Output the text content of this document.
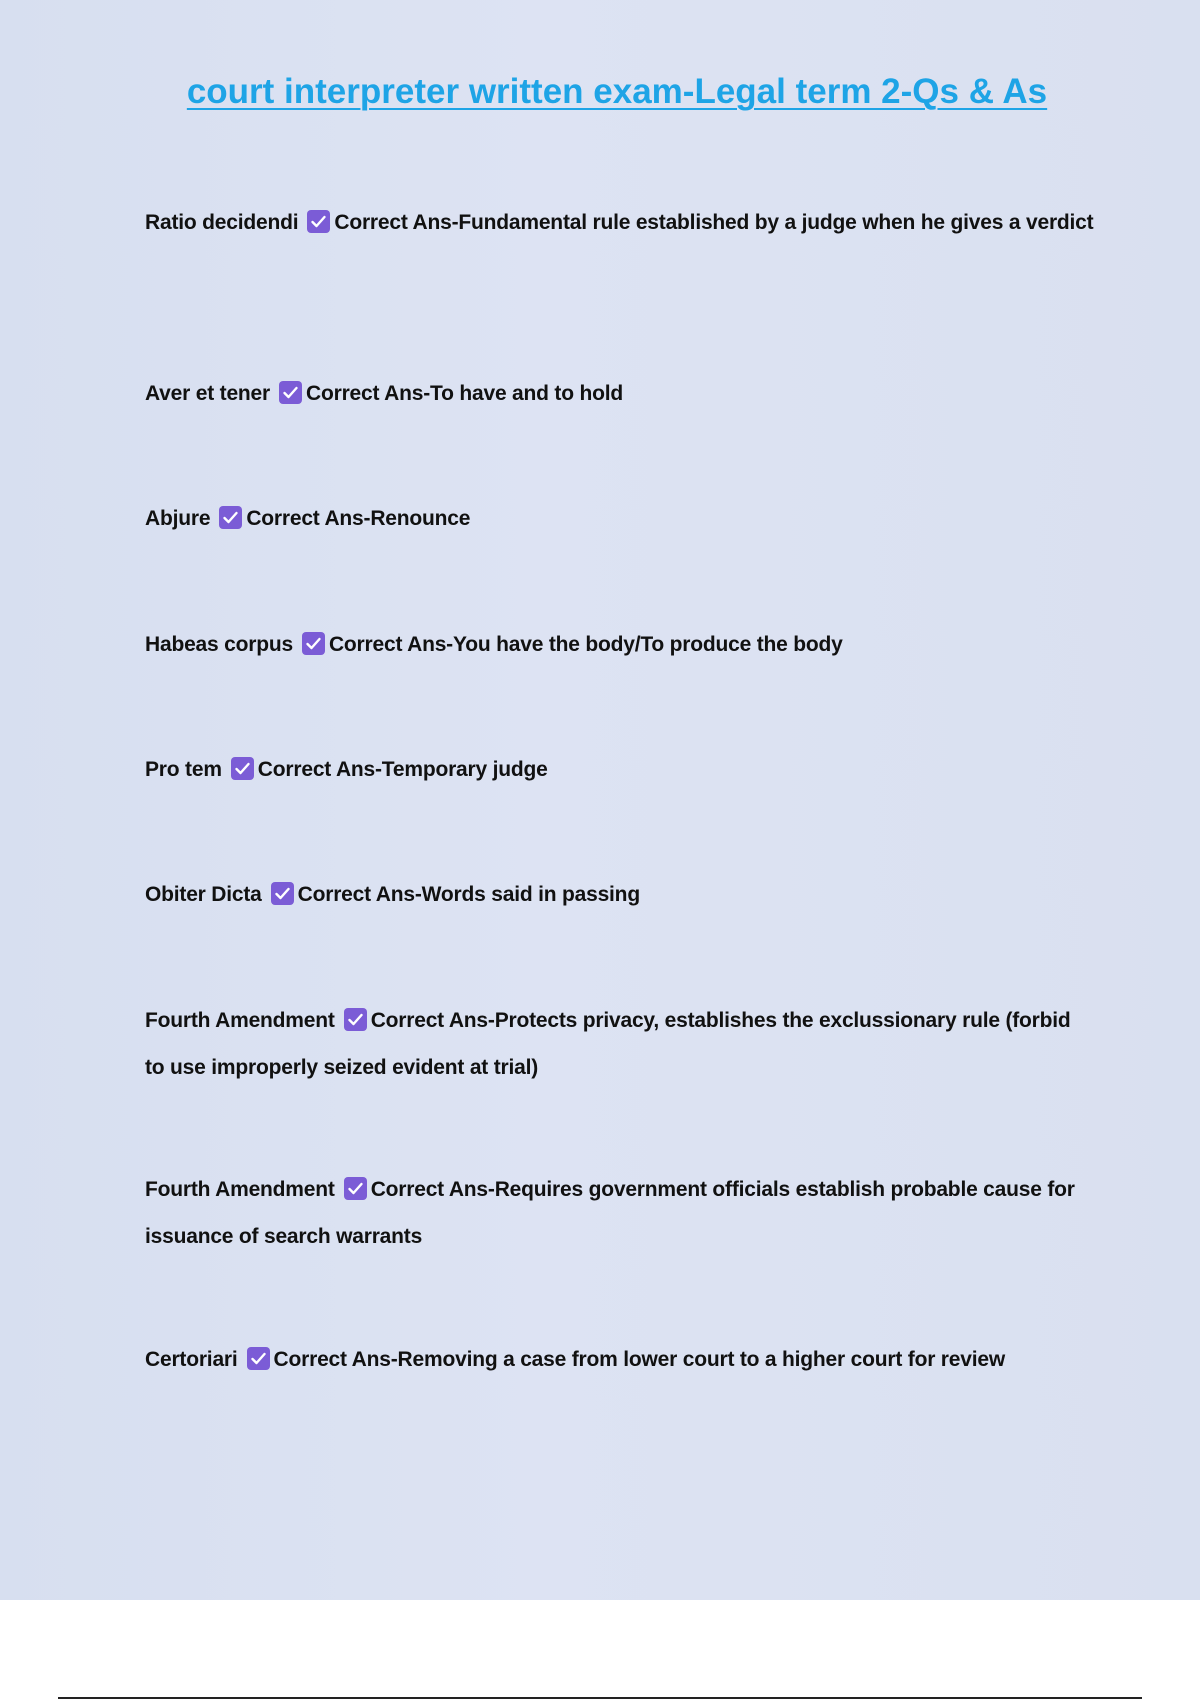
court interpreter written exam-Legal term 2-Qs & As
Ratio decidendi Correct Ans-Fundamental rule established by a judge when he gives a verdict
Aver et tener Correct Ans-To have and to hold
Abjure Correct Ans-Renounce
Habeas corpus Correct Ans-You have the body/To produce the body
Pro tem Correct Ans-Temporary judge
Obiter Dicta Correct Ans-Words said in passing
Fourth Amendment Correct Ans-Protects privacy, establishes the exclussionary rule (forbid to use improperly seized evident at trial)
Fourth Amendment Correct Ans-Requires government officials establish probable cause for issuance of search warrants
Certoriari Correct Ans-Removing a case from lower court to a higher court for review
